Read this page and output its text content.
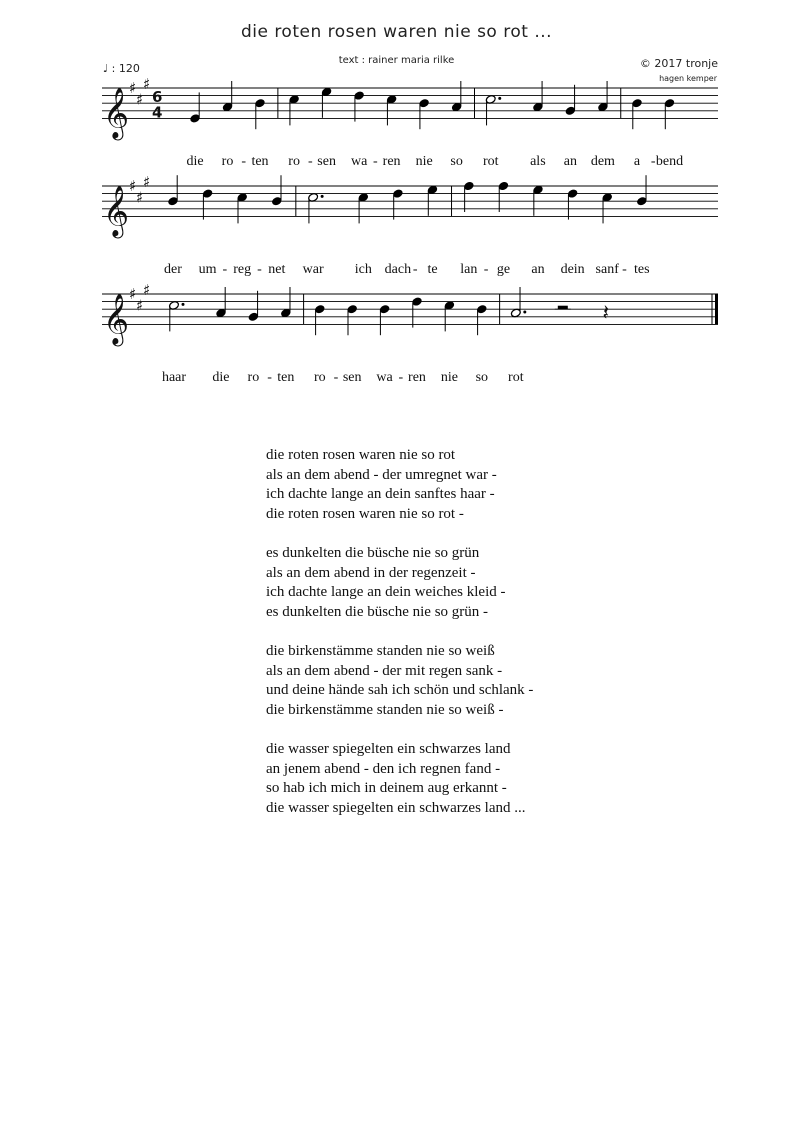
die roten rosen waren nie so rot ...
♩ : 120
text : rainer maria rilke	© 2017 tronje
hagen kemper
𝄞 ♯
♯
♯
6
4
𝄞 ♯
♯
♯
𝄞 ♯
♯
♯
𝄽
die ro - ten ro - sen wa - ren nie so rot als an dem a - bend
der um - reg - net war ich dach - te lan - ge an dein sanf - tes
haar die ro - ten ro - sen wa - ren nie so rot
die roten rosen waren nie so rot
als an dem abend - der umregnet war -
ich dachte lange an dein sanftes haar -
die roten rosen waren nie so rot -
es dunkelten die büsche nie so grün
als an dem abend in der regenzeit -
ich dachte lange an dein weiches kleid -
es dunkelten die büsche nie so grün -
die birkenstämme standen nie so weiß
als an dem abend - der mit regen sank -
und deine hände sah ich schön und schlank -
die birkenstämme standen nie so weiß -
die wasser spiegelten ein schwarzes land
an jenem abend - den ich regnen fand -
so hab ich mich in deinem aug erkannt -
die wasser spiegelten ein schwarzes land ...
